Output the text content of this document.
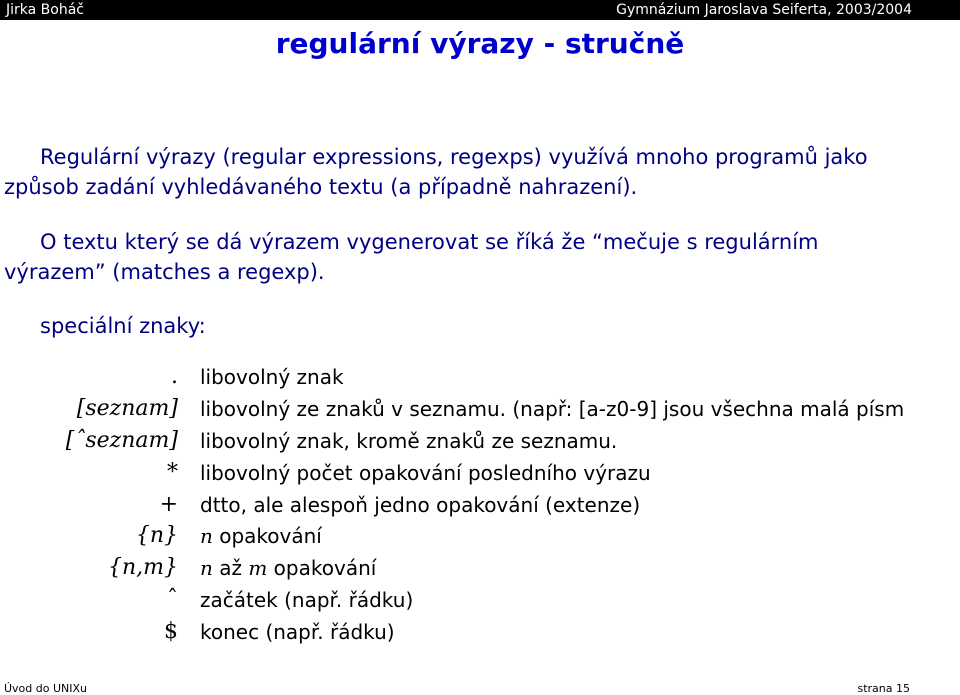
Jirka Boháč	Gymnázium Jaroslava Seiferta, 2003/2004
regulární výrazy - stručně
Regulární výrazy (regular expressions, regexps) využívá mnoho programů jako
způsob zadání vyhledávaného textu (a případně nahrazení).
O textu který se dá výrazem vygenerovat se říká že “mečuje s regulárním
výrazem” (matches a regexp).
speciální znaky:
. libovolný znak
[seznam] libovolný ze znaků v seznamu. (např: [a-z0-9] jsou všechna malá písm
[ˆseznam] libovolný znak, kromě znaků ze seznamu.
* libovolný počet opakování posledního výrazu
+ dtto, ale alespoň jedno opakování (extenze)
{n} n opakování
{n,m} n až m opakování
ˆ začátek (např. řádku)
$ konec (např. řádku)
Úvod do UNIXu	strana 15
